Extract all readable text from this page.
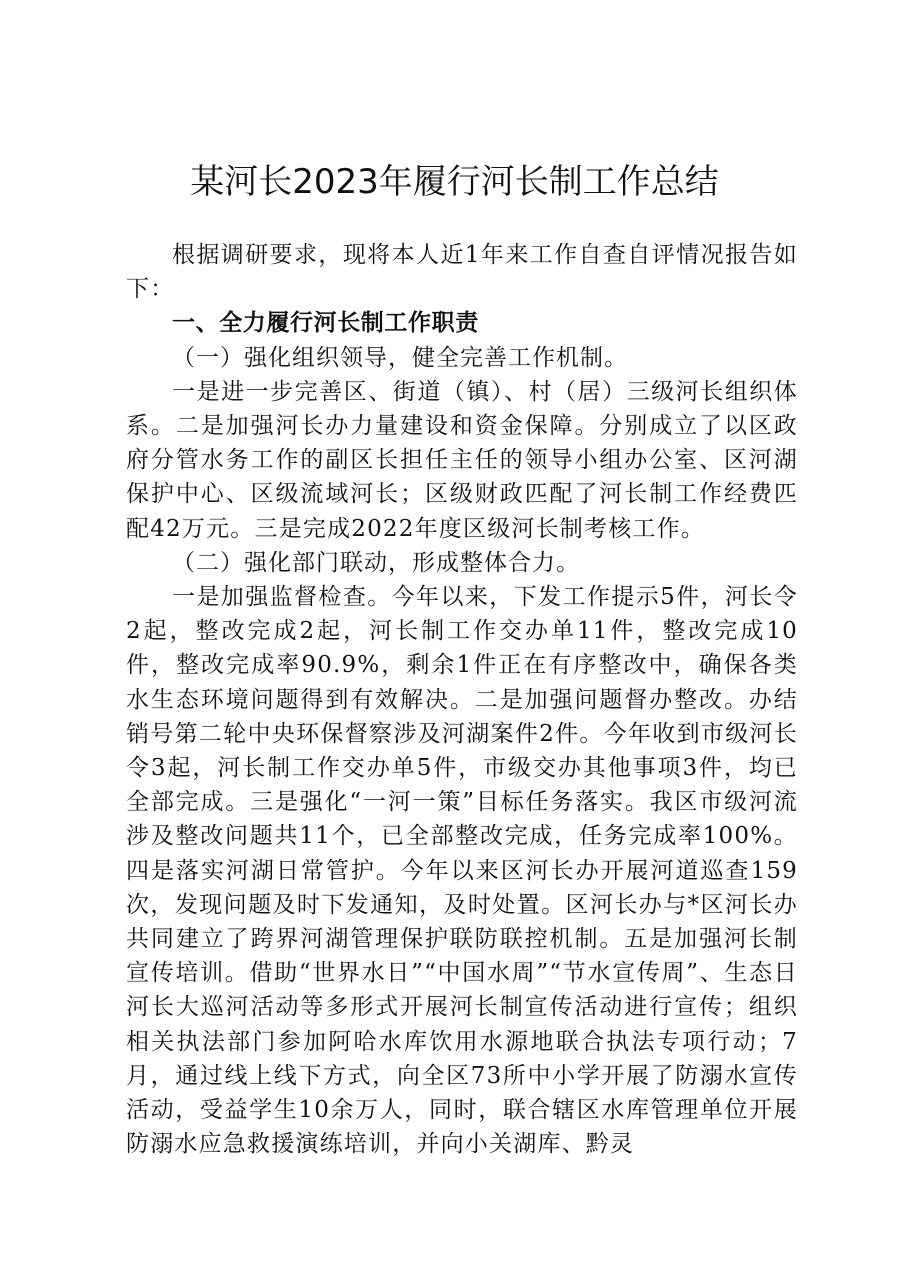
某河长2023年履行河长制工作总结

根据调研要求，现将本人近1年来工作自查自评情况报告如下：

一、全力履行河长制工作职责

（一）强化组织领导，健全完善工作机制。

一是进一步完善区、街道（镇）、村（居）三级河长组织体系。二是加强河长办力量建设和资金保障。分别成立了以区政府分管水务工作的副区长担任主任的领导小组办公室、区河湖保护中心、区级流域河长；区级财政匹配了河长制工作经费匹配42万元。三是完成2022年度区级河长制考核工作。

（二）强化部门联动，形成整体合力。

一是加强监督检查。今年以来，下发工作提示5件，河长令2起，整改完成2起，河长制工作交办单11件，整改完成10件，整改完成率90.9%，剩余1件正在有序整改中，确保各类水生态环境问题得到有效解决。二是加强问题督办整改。办结销号第二轮中央环保督察涉及河湖案件2件。今年收到市级河长令3起，河长制工作交办单5件，市级交办其他事项3件，均已全部完成。三是强化“一河一策”目标任务落实。我区市级河流涉及整改问题共11个，已全部整改完成，任务完成率100%。四是落实河湖日常管护。今年以来区河长办开展河道巡查159次，发现问题及时下发通知，及时处置。区河长办与*区河长办共同建立了跨界河湖管理保护联防联控机制。五是加强河长制宣传培训。借助“世界水日”“中国水周”“节水宣传周”、生态日河长大巡河活动等多形式开展河长制宣传活动进行宣传；组织相关执法部门参加阿哈水库饮用水源地联合执法专项行动；7月，通过线上线下方式，向全区73所中小学开展了防溺水宣传活动，受益学生10余万人，同时，联合辖区水库管理单位开展防溺水应急救援演练培训，并向小关湖库、黔灵
